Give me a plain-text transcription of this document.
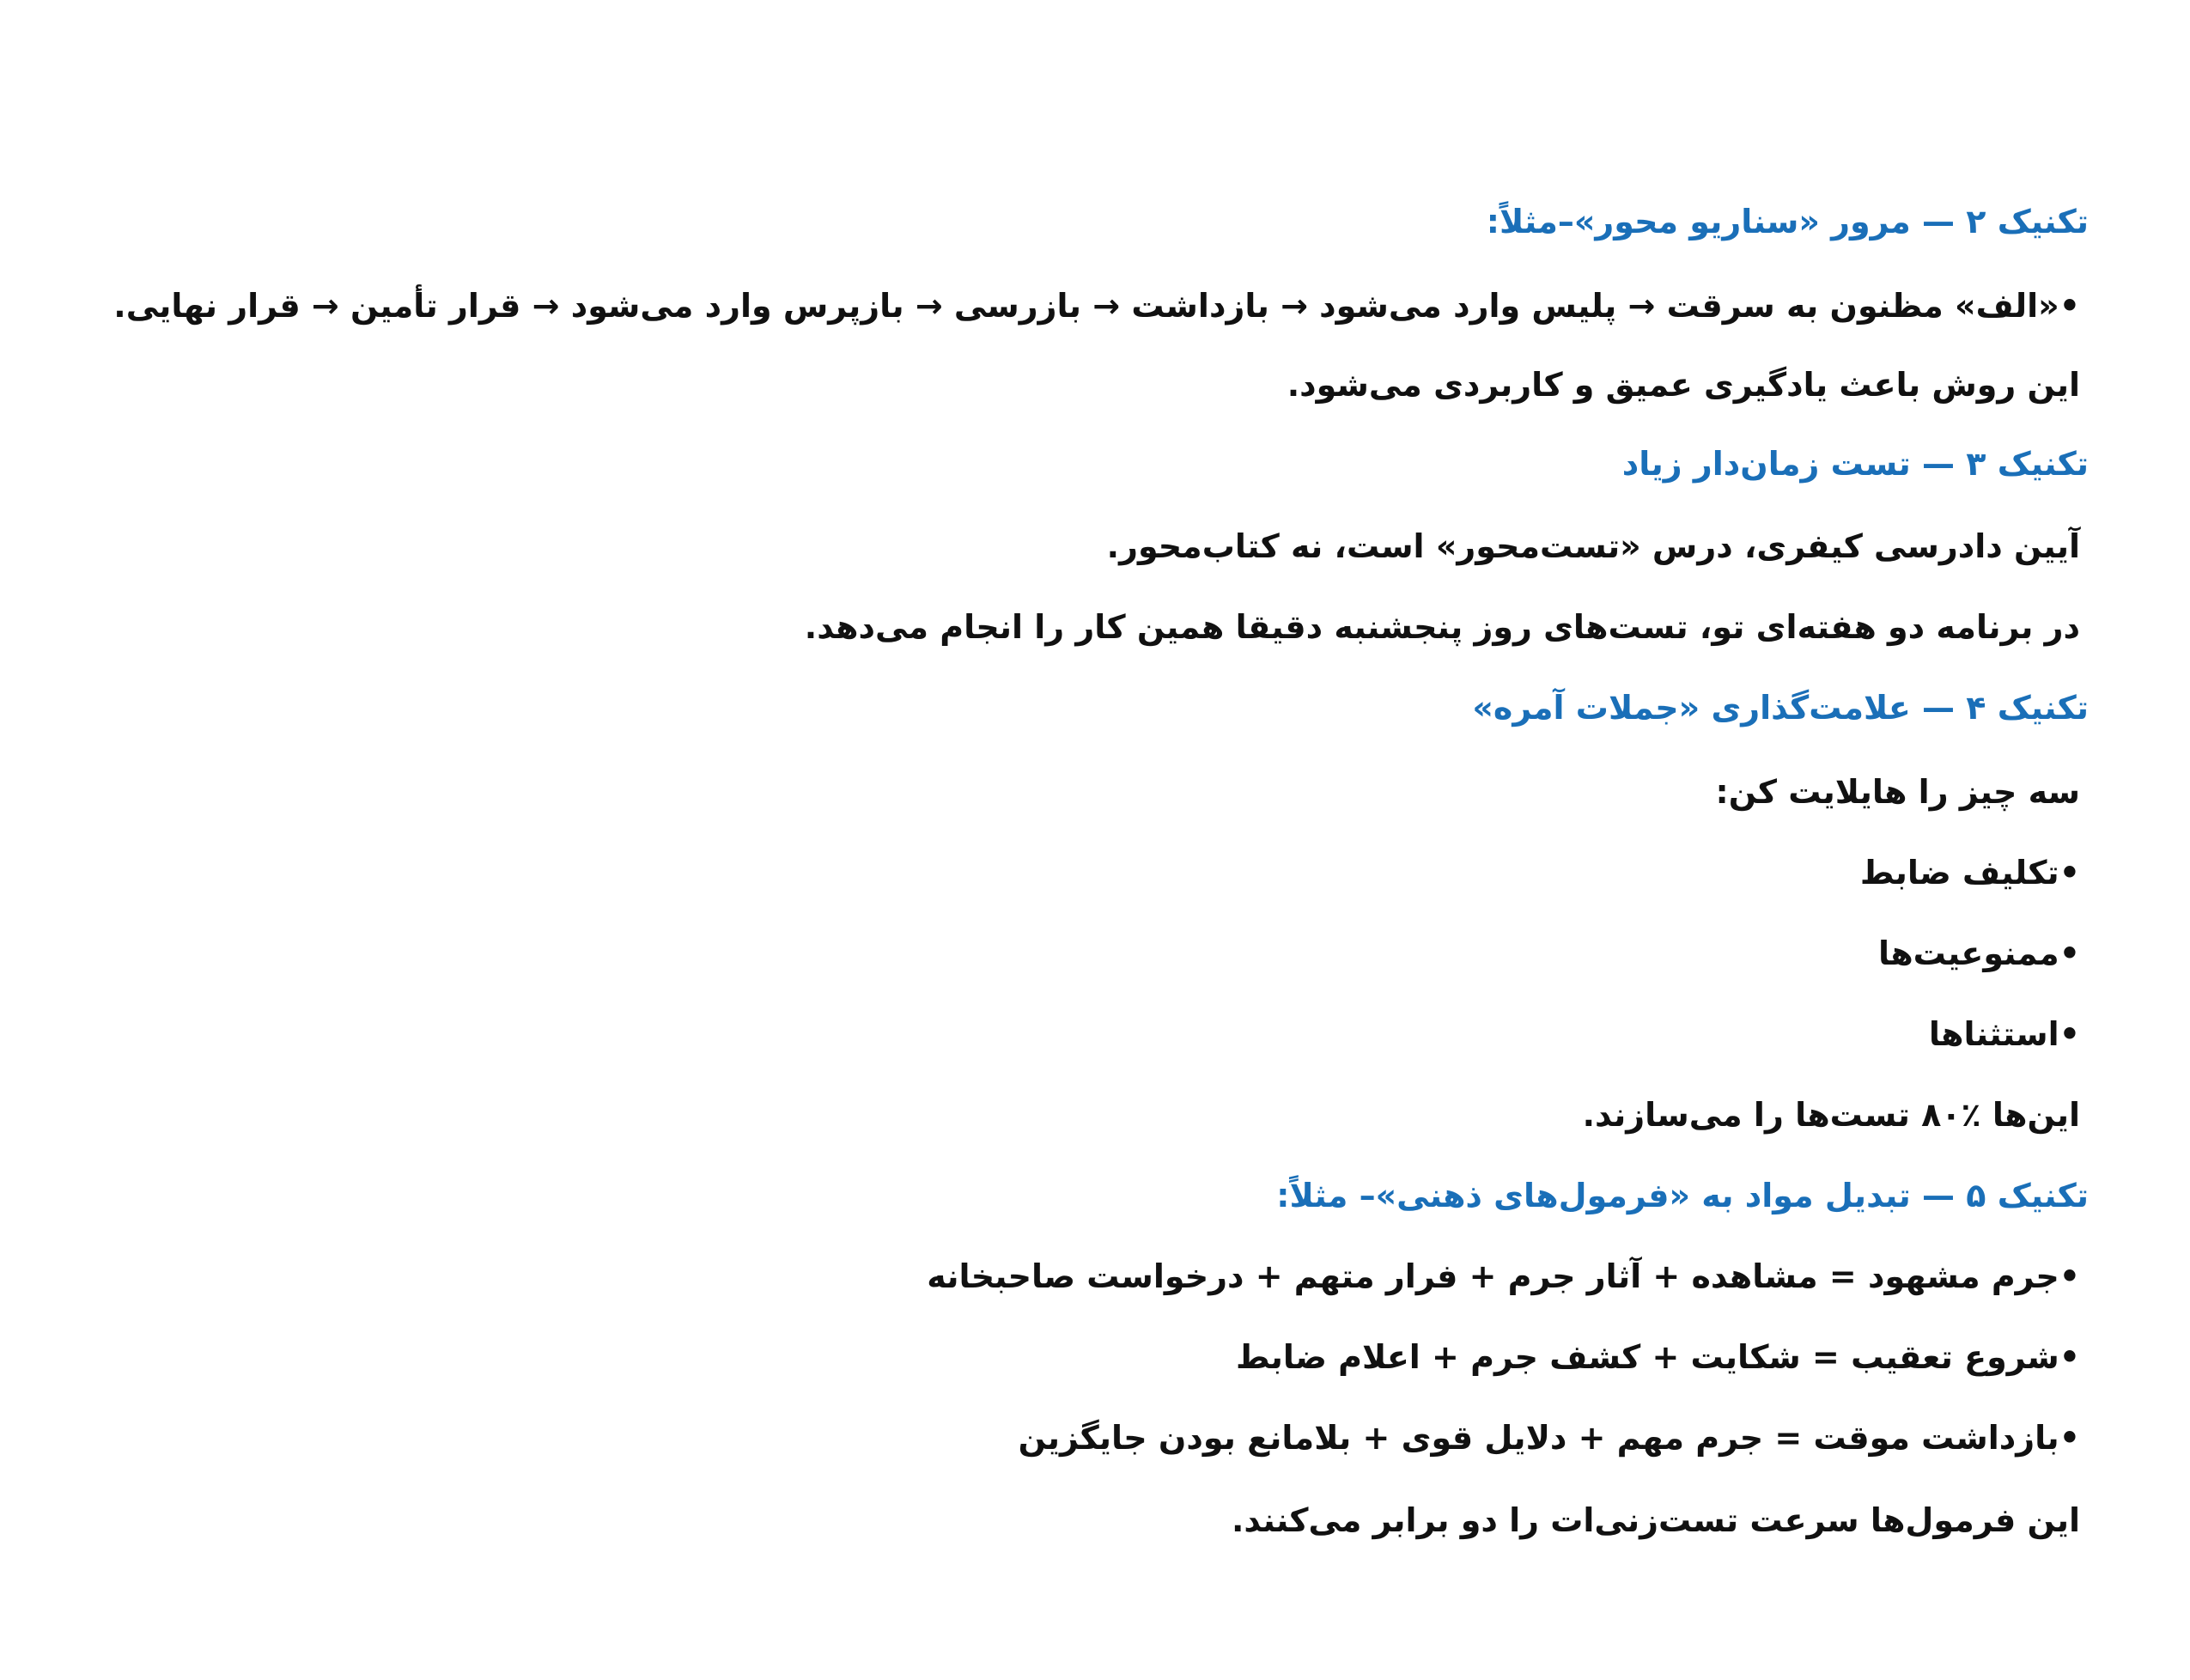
تکنیک ۲ — مرور «سناریو محور»–مثلاً:
•«الف» مظنون به سرقت → پلیس وارد می‌شود → بازداشت → بازرسی → بازپرس وارد می‌شود → قرار تأمین → قرار نهایی.
این روش باعث یادگیری عمیق و کاربردی می‌شود.
تکنیک ۳ — تست زمان‌دار زیاد
آیین دادرسی کیفری، درس «تست‌محور» است، نه کتاب‌محور.
در برنامه دو هفته‌ای تو، تست‌های روز پنجشنبه دقیقا همین کار را انجام می‌دهد.
تکنیک ۴ — علامت‌گذاری «جملات آمره»
سه چیز را هایلایت کن:
•تکلیف ضابط
•ممنوعیت‌ها
•استثناها
این‌ها ٪۸۰ تست‌ها را می‌سازند.
تکنیک ۵ — تبدیل مواد به «فرمول‌های ذهنی»– مثلاً:
•جرم مشهود = مشاهده + آثار جرم + فرار متهم + درخواست صاحبخانه
•شروع تعقیب = شکایت + کشف جرم + اعلام ضابط
•بازداشت موقت = جرم مهم + دلایل قوی + بلامانع بودن جایگزین
این فرمول‌ها سرعت تست‌زنی‌ات را دو برابر می‌کنند.
